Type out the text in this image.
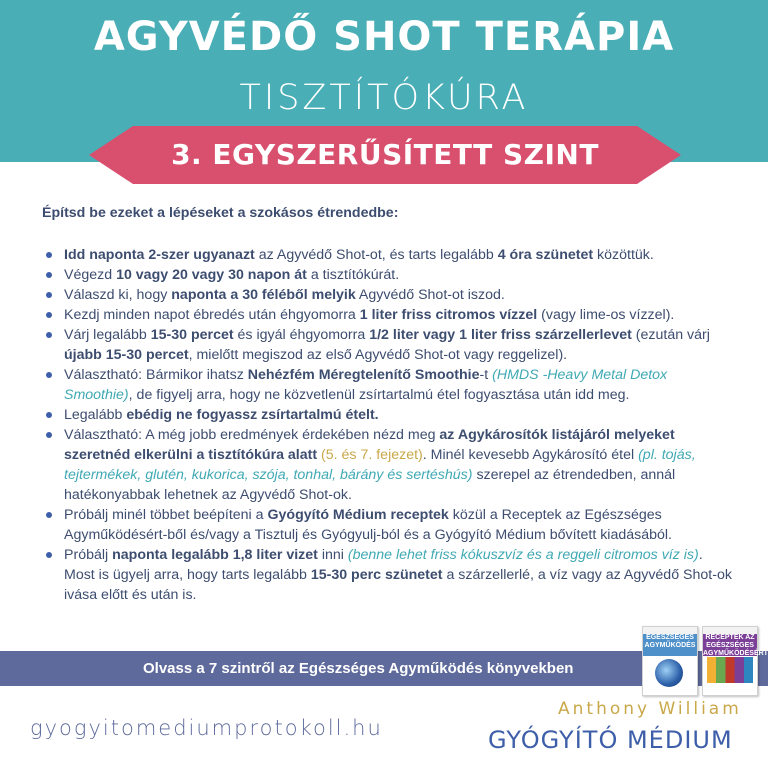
AGYVÉDŐ SHOT TERÁPIA
TISZTÍTÓKÚRA
3. EGYSZERŰSÍTETT SZINT

Építsd be ezeket a lépéseket a szokásos étrendedbe:

Idd naponta 2-szer ugyanazt az Agyvédő Shot-ot, és tarts legalább 4 óra szünetet közöttük.
Végezd 10 vagy 20 vagy 30 napon át a tisztítókúrát.
Válaszd ki, hogy naponta a 30 féléből melyik Agyvédő Shot-ot iszod.
Kezdj minden napot ébredés után éhgyomorra 1 liter friss citromos vízzel (vagy lime-os vízzel).
Várj legalább 15-30 percet és igyál éhgyomorra 1/2 liter vagy 1 liter friss szárzellerlevet (ezután várj újabb 15-30 percet, mielőtt megiszod az első Agyvédő Shot-ot vagy reggelizel).
Választható: Bármikor ihatsz Nehézfém Méregtelenítő Smoothie-t (HMDS -Heavy Metal Detox Smoothie), de figyelj arra, hogy ne közvetlenül zsírtartalmú étel fogyasztása után idd meg.
Legalább ebédig ne fogyassz zsírtartalmú ételt.
Választható: A még jobb eredmények érdekében nézd meg az Agykárosítók listájáról melyeket szeretnéd elkerülni a tisztítókúra alatt (5. és 7. fejezet). Minél kevesebb Agykárosító étel (pl. tojás, tejtermékek, glutén, kukorica, szója, tonhal, bárány és sertéshús) szerepel az étrendedben, annál hatékonyabbak lehetnek az Agyvédő Shot-ok.
Próbálj minél többet beépíteni a Gyógyító Médium receptek közül a Receptek az Egészséges Agyműködésért-ből és/vagy a Tisztulj és Gyógyulj-ból és a Gyógyító Médium bővített kiadásából.
Próbálj naponta legalább 1,8 liter vizet inni (benne lehet friss kókuszvíz és a reggeli citromos víz is). Most is ügyelj arra, hogy tarts legalább 15-30 perc szünetet a szárzellerlé, a víz vagy az Agyvédő Shot-ok ivása előtt és után is.
Olvass a 7 szintről az Egészséges Agyműködés könyvekben
EGÉSZSÉGES AGYMŰKÖDÉS
RECEPTEK AZ EGÉSZSÉGES AGYMŰKÖDÉSÉRT
gyogyitomediumprotokoll.hu
Anthony William
GYÓGYÍTÓ MÉDIUM
